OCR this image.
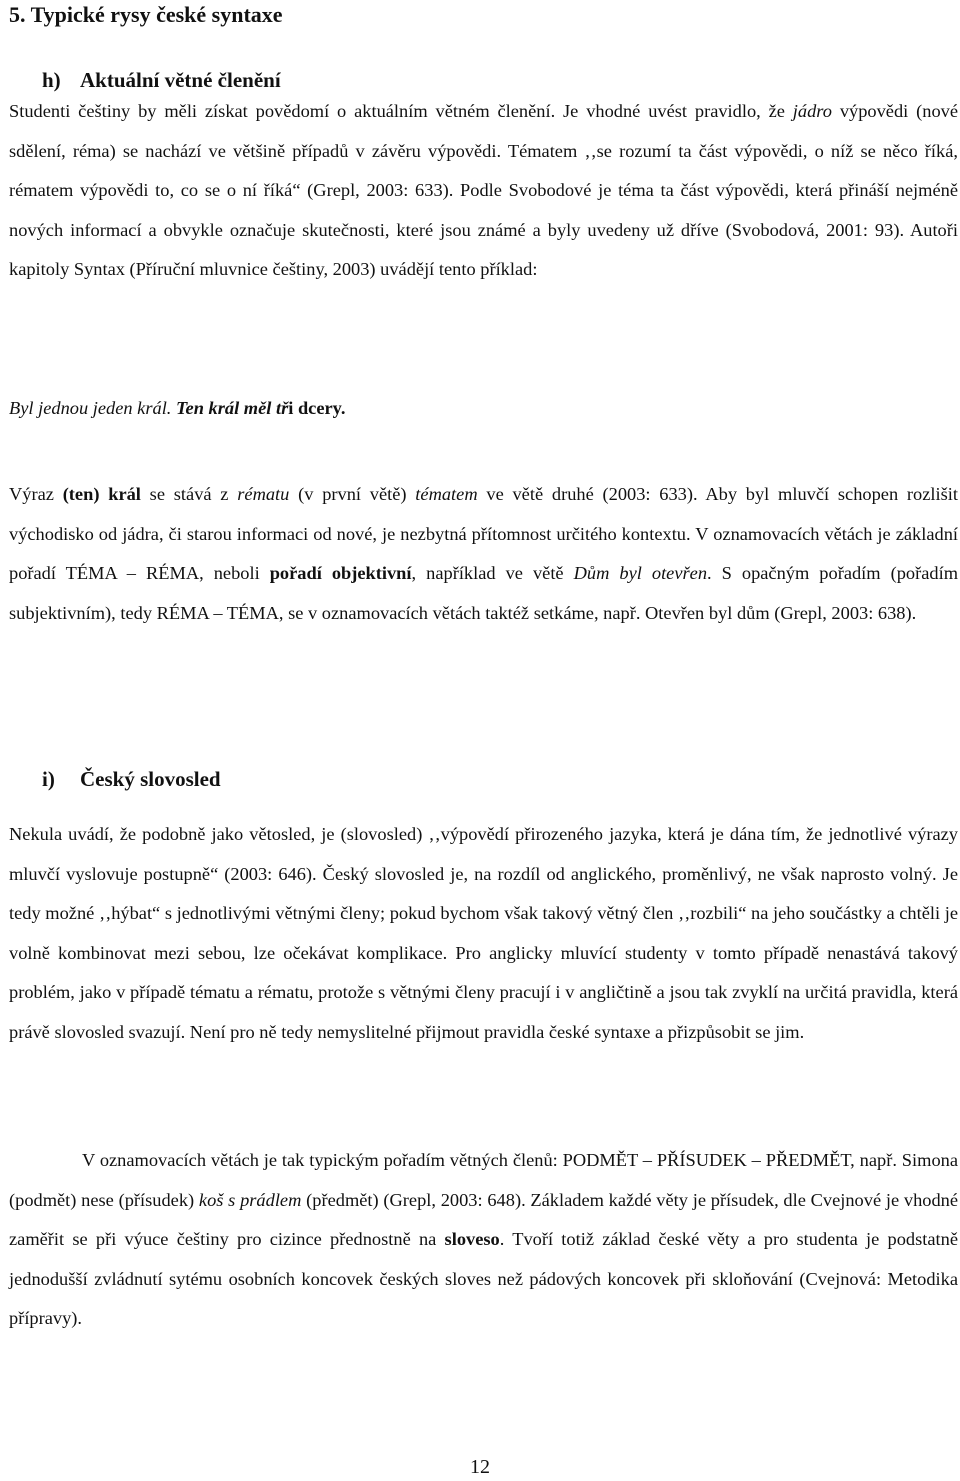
5. Typické rysy české syntaxe
h) Aktuální větné členění

Studenti češtiny by měli získat povědomí o aktuálním větném členění. Je vhodné uvést pravidlo, že jádro výpovědi (nové sdělení, réma) se nachází ve většině případů v závěru výpovědi. Tématem ‚‚se rozumí ta část výpovědi, o níž se něco říká, rématem výpovědi to, co se o ní říká“ (Grepl, 2003: 633). Podle Svobodové je téma ta část výpovědi, která přináší nejméně nových informací a obvykle označuje skutečnosti, které jsou známé a byly uvedeny už dříve (Svobodová, 2001: 93). Autoři kapitoly Syntax (Příruční mluvnice češtiny, 2003) uvádějí tento příklad:

Byl jednou jeden král. Ten král měl tři dcery.

Výraz (ten) král se stává z rématu (v první větě) tématem ve větě druhé (2003: 633). Aby byl mluvčí schopen rozlišit východisko od jádra, či starou informaci od nové, je nezbytná přítomnost určitého kontextu. V oznamovacích větách je základní pořadí TÉMA – RÉMA, neboli pořadí objektivní, například ve větě Dům byl otevřen. S opačným pořadím (pořadím subjektivním), tedy RÉMA – TÉMA, se v oznamovacích větách taktéž setkáme, např. Otevřen byl dům (Grepl, 2003: 638).

i) Český slovosled

Nekula uvádí, že podobně jako větosled, je (slovosled) ‚‚výpovědí přirozeného jazyka, která je dána tím, že jednotlivé výrazy mluvčí vyslovuje postupně“ (2003: 646). Český slovosled je, na rozdíl od anglického, proměnlivý, ne však naprosto volný. Je tedy možné ‚‚hýbat“ s jednotlivými větnými členy; pokud bychom však takový větný člen ‚‚rozbili“ na jeho součástky a chtěli je volně kombinovat mezi sebou, lze očekávat komplikace. Pro anglicky mluvící studenty v tomto případě nenastává takový problém, jako v případě tématu a rématu, protože s větnými členy pracují i v angličtině a jsou tak zvyklí na určitá pravidla, která právě slovosled svazují. Není pro ně tedy nemyslitelné přijmout pravidla české syntaxe a přizpůsobit se jim.

V oznamovacích větách je tak typickým pořadím větných členů: PODMĚT – PŘÍSUDEK – PŘEDMĚT, např. Simona (podmět) nese (přísudek) koš s prádlem (předmět) (Grepl, 2003: 648). Základem každé věty je přísudek, dle Cvejnové je vhodné zaměřit se při výuce češtiny pro cizince přednostně na sloveso. Tvoří totiž základ české věty a pro studenta je podstatně jednodušší zvládnutí sytému osobních koncovek českých sloves než pádových koncovek při skloňování (Cvejnová: Metodika přípravy).

12
